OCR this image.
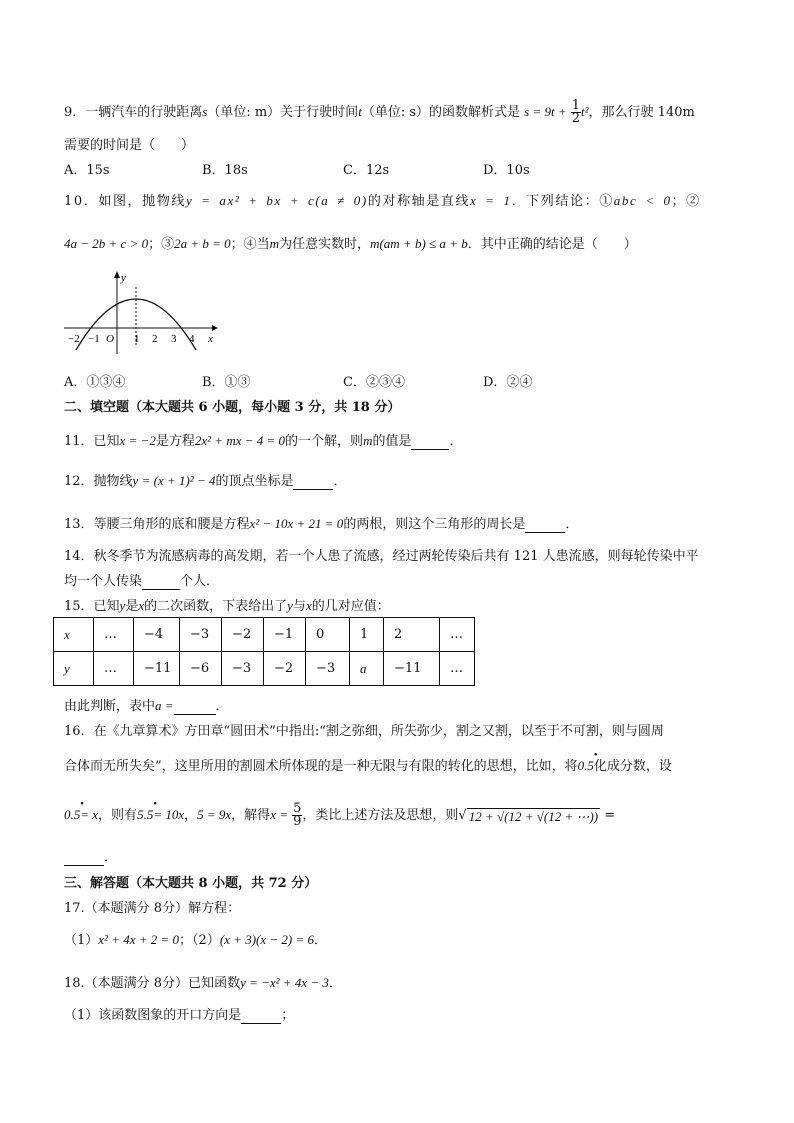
9．一辆汽车的行驶距离s（单位: m）关于行驶时间t（单位: s）的函数解析式是 $s = 9t + \frac{1}{2} t^2$，那么行驶 140m
需要的时间是（　　）
A．15s	B．18s	C．12s	D．10s
10．如图，抛物线y = ax² + bx + c(a ≠ 0)的对称轴是直线x = 1．下列结论：①abc < 0；②
4a − 2b + c > 0；③2a + b = 0；④当m为任意实数时，m(am + b) ≤ a + b．其中正确的结论是（　　）
y
x
O
−2 −1	1 2 3 4
A．①③④	B．①③	C．②③④	D．②④
二、填空题（本大题共 6 小题，每小题 3 分，共 18 分）
11．已知x = −2是方程2x² + mx − 4 = 0的一个解，则m的值是	．
12．抛物线y = (x + 1)² − 4的顶点坐标是	．
13．等腰三角形的底和腰是方程x² − 10x + 21 = 0的两根，则这个三角形的周长是	．
14．秋冬季节为流感病毒的高发期，若一个人患了流感，经过两轮传染后共有 121 人患流感，则每轮传染中平
均一个人传染	个人．
15．已知y是x的二次函数，下表给出了y与x的几对应值：
x	…	−4	−3	−2	−1	0	1	2	…
y	…	−11	−6	−3	−2	−3	a	−11	…
由此判断，表中a =	．
16．在《九章算术》方田章“圆田术”中指出:“割之弥细，所失弥少，割之又割，以至于不可割，则与圆周
合体而无所失矣”，这里所用的割圆术所体现的是一种无限与有限的转化的思想，比如，将0.5
•
化成分数，设
0.5
•
= x，则有5.5
•
= 10x，5 = 9x，解得$x = \frac{5}{9}$ ，类比上述方法及思想，则√ 12 + √(12 + √(12 + ⋯)) =
．
三、解答题（本大题共 8 小题，共 72 分）
17.（本题满分 8分）解方程：
（1）x² + 4x + 2 = 0；（2）(x + 3)(x − 2) = 6．
18.（本题满分 8分）已知函数y = −x² + 4x − 3．
（1）该函数图象的开口方向是	；
